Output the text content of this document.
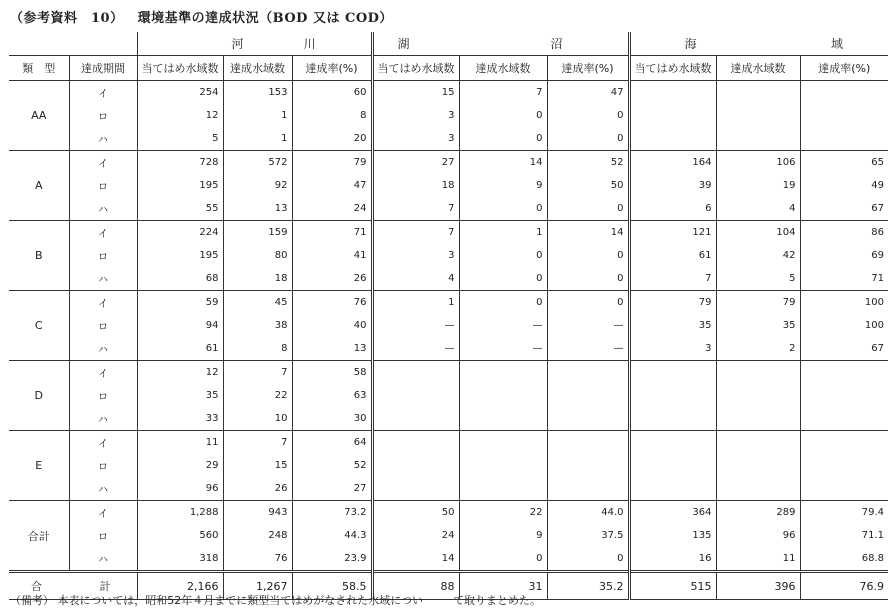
（参考資料　10） 環境基準の達成状況（BOD 又は COD）

		河 川			湖 沼			海 域		

類　型	達成期間	当てはめ水域数	達成水域数	達成率(%)	当てはめ水域数	達成水域数	達成率(%)	当てはめ水域数	達成水域数	達成率(%)
AA	イ	254	153	60	15	7	47			
	ロ	12	1	8	3	0	0			
	ハ	5	1	20	3	0	0			
A	イ	728	572	79	27	14	52	164	106	65
	ロ	195	92	47	18	9	50	39	19	49
	ハ	55	13	24	7	0	0	6	4	67
B	イ	224	159	71	7	1	14	121	104	86
	ロ	195	80	41	3	0	0	61	42	69
	ハ	68	18	26	4	0	0	7	5	71
C	イ	59	45	76	1	0	0	79	79	100
	ロ	94	38	40	—	—	—	35	35	100
	ハ	61	8	13	—	—	—	3	2	67
D	イ	12	7	58						
	ロ	35	22	63						
	ハ	33	10	30						
E	イ	11	7	64						
	ロ	29	15	52						
	ハ	96	26	27						
合計	イ	1,288	943	73.2	50	22	44.0	364	289	79.4
	ロ	560	248	44.3	24	9	37.5	135	96	71.1
	ハ	318	76	23.9	14	0	0	16	11	68.8

合 計		2,166	1,267	58.5	88	31	35.2	515	396	76.9
（備考） 本表については，昭和52年４月までに類型当てはめがなされた水域につい	て取りまとめた。
